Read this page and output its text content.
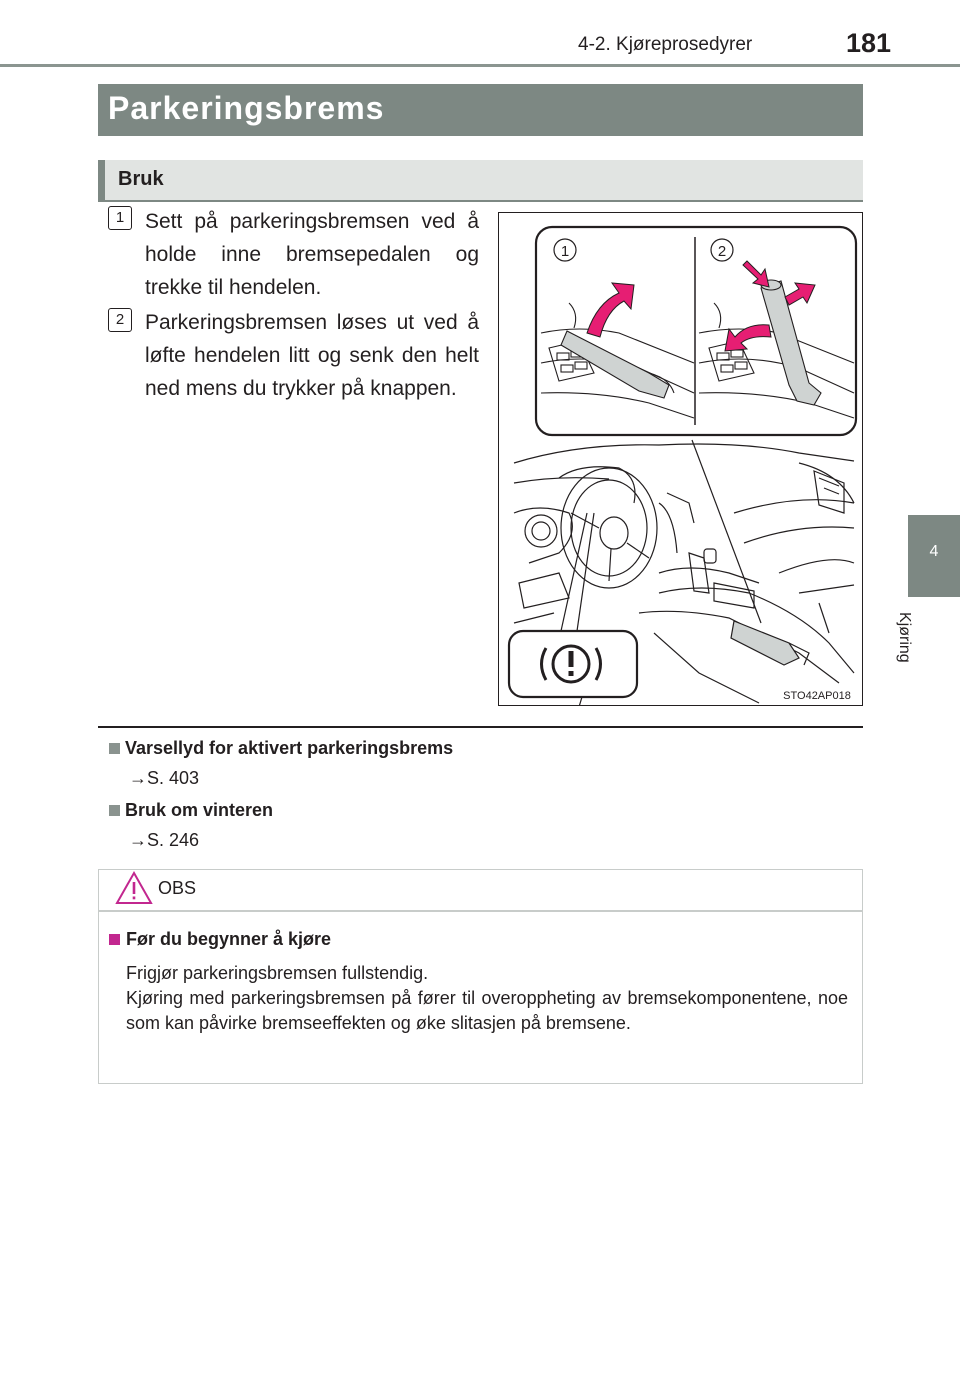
4-2. Kjøreprosedyrer	181
4
Kjøring
Parkeringsbrems
Bruk
1 Sett på parkeringsbremsen ved å holde inne bremsepedalen og trekke til hendelen.
2 Parkeringsbremsen løses ut ved å løfte hendelen litt og senk den helt ned mens du trykker på knappen.
1	2
STO42AP018
Varsellyd for aktivert parkeringsbrems
→S. 403
Bruk om vinteren
→S. 246
OBS
Før du begynner å kjøre

Frigjør parkeringsbremsen fullstendig.

Kjøring med parkeringsbremsen på fører til overoppheting av bremsekomponentene, noe som kan påvirke bremseeffekten og øke slitasjen på bremsene.
